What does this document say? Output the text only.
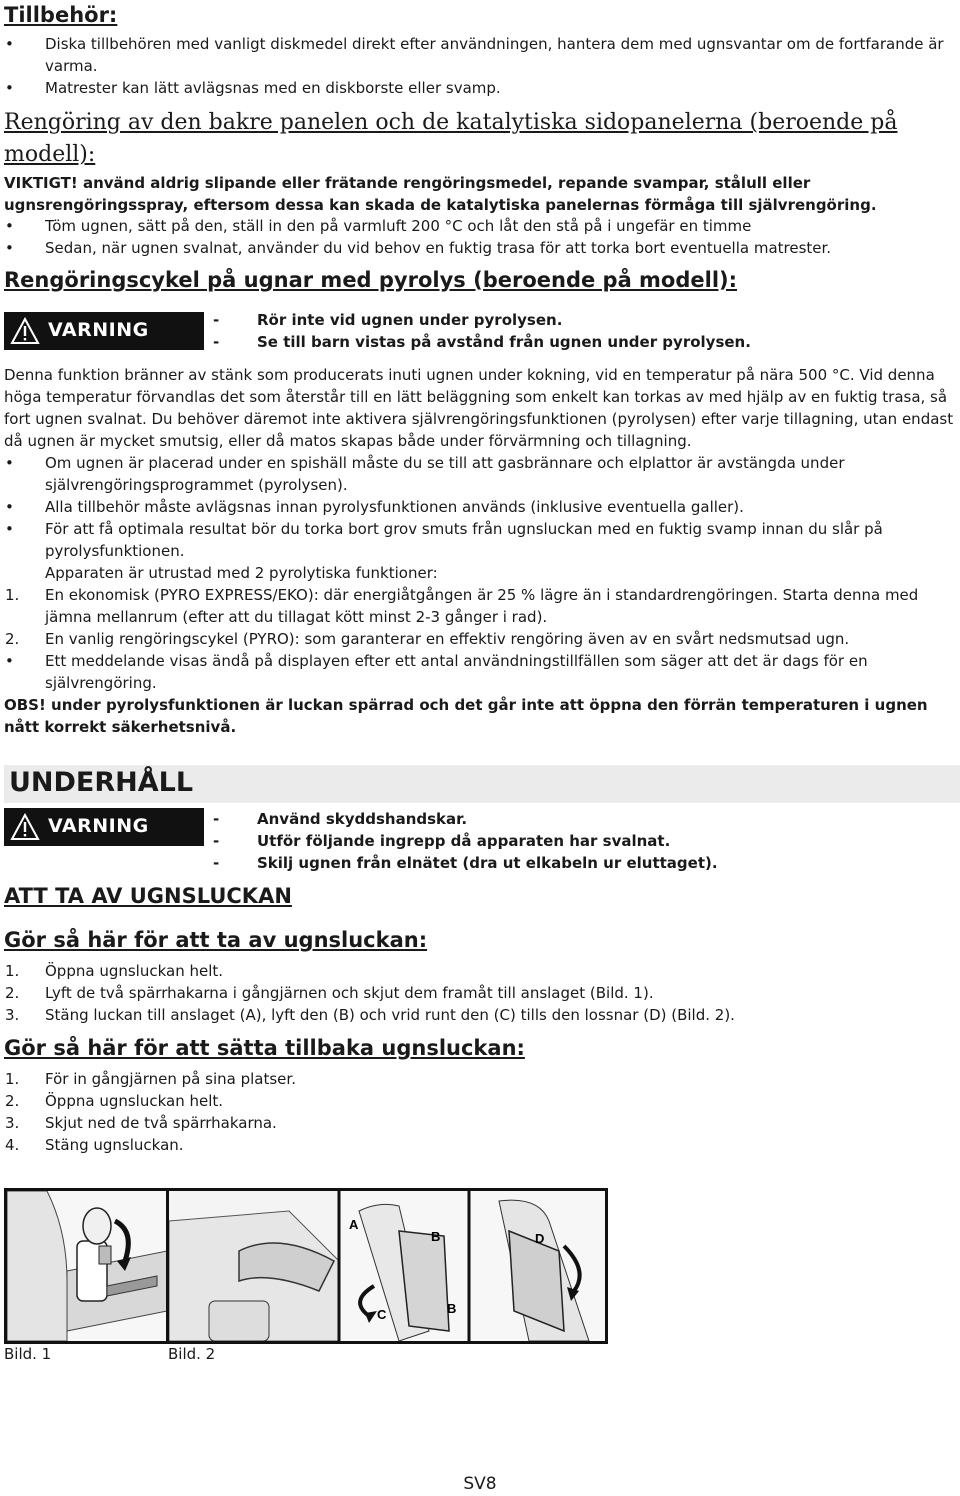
Tillbehör:
• Diska tillbehören med vanligt diskmedel direkt efter användningen, hantera dem med ugnsvantar om de fortfarande är varma.
• Matrester kan lätt avlägsnas med en diskborste eller svamp.
Rengöring av den bakre panelen och de katalytiska sidopanelerna (beroende på modell):
VIKTIGT! använd aldrig slipande eller frätande rengöringsmedel, repande svampar, stålull eller ugnsrengöringsspray, eftersom dessa kan skada de katalytiska panelernas förmåga till självrengöring.
• Töm ugnen, sätt på den, ställ in den på varmluft 200 °C och låt den stå på i ungefär en timme
• Sedan, när ugnen svalnat, använder du vid behov en fuktig trasa för att torka bort eventuella matrester.
Rengöringscykel på ugnar med pyrolys (beroende på modell):
VARNING	-	Rör inte vid ugnen under pyrolysen.
-	Se till barn vistas på avstånd från ugnen under pyrolysen.
Denna funktion bränner av stänk som producerats inuti ugnen under kokning, vid en temperatur på nära 500 °C. Vid denna höga temperatur förvandlas det som återstår till en lätt beläggning som enkelt kan torkas av med hjälp av en fuktig trasa, så fort ugnen svalnat. Du behöver däremot inte aktivera självrengöringsfunktionen (pyrolysen) efter varje tillagning, utan endast då ugnen är mycket smutsig, eller då matos skapas både under förvärmning och tillagning.
• Om ugnen är placerad under en spishäll måste du se till att gasbrännare och elplattor är avstängda under självrengöringsprogrammet (pyrolysen).
• Alla tillbehör måste avlägsnas innan pyrolysfunktionen används (inklusive eventuella galler).
• För att få optimala resultat bör du torka bort grov smuts från ugnsluckan med en fuktig svamp innan du slår på pyrolysfunktionen.
Apparaten är utrustad med 2 pyrolytiska funktioner:
1. En ekonomisk (PYRO EXPRESS/EKO): där energiåtgången är 25 % lägre än i standardrengöringen. Starta denna med jämna mellanrum (efter att du tillagat kött minst 2-3 gånger i rad).
2. En vanlig rengöringscykel (PYRO): som garanterar en effektiv rengöring även av en svårt nedsmutsad ugn.
• Ett meddelande visas ändå på displayen efter ett antal användningstillfällen som säger att det är dags för en självrengöring.
OBS! under pyrolysfunktionen är luckan spärrad och det går inte att öppna den förrän temperaturen i ugnen nått korrekt säkerhetsnivå.
UNDERHÅLL
VARNING	-	Använd skyddshandskar.
-	Utför följande ingrepp då apparaten har svalnat.
-	Skilj ugnen från elnätet (dra ut elkabeln ur eluttaget).
ATT TA AV UGNSLUCKAN
Gör så här för att ta av ugnsluckan:
1. Öppna ugnsluckan helt.
2. Lyft de två spärrhakarna i gångjärnen och skjut dem framåt till anslaget (Bild. 1).
3. Stäng luckan till anslaget (A), lyft den (B) och vrid runt den (C) tills den lossnar (D) (Bild. 2).
Gör så här för att sätta tillbaka ugnsluckan:
1. För in gångjärnen på sina platser.
2. Öppna ugnsluckan helt.
3. Skjut ned de två spärrhakarna.
4. Stäng ugnsluckan.
A
B
C	B
D
Bild. 1	Bild. 2
SV8
